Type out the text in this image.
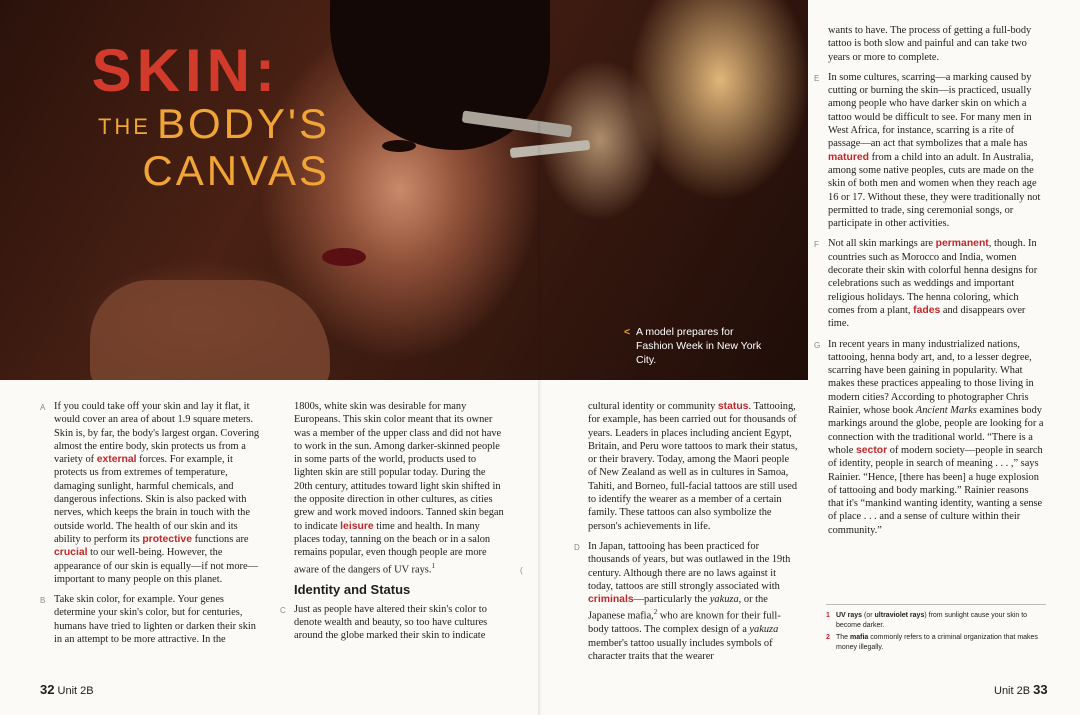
SKIN:
THE BODY'S
CANVAS
< A model prepares for Fashion Week in New York City.

A If you could take off your skin and lay it flat, it would cover an area of about 1.9 square meters. Skin is, by far, the body's largest organ. Covering almost the entire body, skin protects us from a variety of external forces. For example, it protects us from extremes of temperature, damaging sunlight, harmful chemicals, and dangerous infections. Skin is also packed with nerves, which keeps the brain in touch with the outside world. The health of our skin and its ability to perform its protective functions are crucial to our well-being. However, the appearance of our skin is equally—if not more—important to many people on this planet.

B Take skin color, for example. Your genes determine your skin's color, but for centuries, humans have tried to lighten or darken their skin in an attempt to be more attractive. In the

1800s, white skin was desirable for many Europeans. This skin color meant that its owner was a member of the upper class and did not have to work in the sun. Among darker-skinned people in some parts of the world, products used to lighten skin are still popular today. During the 20th century, attitudes toward light skin shifted in the opposite direction in other cultures, as cities grew and work moved indoors. Tanned skin began to indicate leisure time and health. In many places today, tanning on the beach or in a salon remains popular, even though people are more aware of the dangers of UV rays.$^1$

Identity and Status

C Just as people have altered their skin's color to denote wealth and beauty, so too have cultures around the globe marked their skin to indicate

(

cultural identity or community status. Tattooing, for example, has been carried out for thousands of years. Leaders in places including ancient Egypt, Britain, and Peru wore tattoos to mark their status, or their bravery. Today, among the Maori people of New Zealand as well as in cultures in Samoa, Tahiti, and Borneo, full-facial tattoos are still used to identify the wearer as a member of a certain family. These tattoos can also symbolize the person's achievements in life.

D In Japan, tattooing has been practiced for thousands of years, but was outlawed in the 19th century. Although there are no laws against it today, tattoos are still strongly associated with criminals—particularly the yakuza, or the Japanese mafia,$^2$ who are known for their full-body tattoos. The complex design of a yakuza member's tattoo usually includes symbols of character traits that the wearer

wants to have. The process of getting a full-body tattoo is both slow and painful and can take two years or more to complete.

E In some cultures, scarring—a marking caused by cutting or burning the skin—is practiced, usually among people who have darker skin on which a tattoo would be difficult to see. For many men in West Africa, for instance, scarring is a rite of passage—an act that symbolizes that a male has matured from a child into an adult. In Australia, among some native peoples, cuts are made on the skin of both men and women when they reach age 16 or 17. Without these, they were traditionally not permitted to trade, sing ceremonial songs, or participate in other activities.

F Not all skin markings are permanent, though. In countries such as Morocco and India, women decorate their skin with colorful henna designs for celebrations such as weddings and important religious holidays. The henna coloring, which comes from a plant, fades and disappears over time.

G In recent years in many industrialized nations, tattooing, henna body art, and, to a lesser degree, scarring have been gaining in popularity. What makes these practices appealing to those living in modern cities? According to photographer Chris Rainier, whose book Ancient Marks examines body markings around the globe, people are looking for a connection with the traditional world. “There is a whole sector of modern society—people in search of identity, people in search of meaning . . . ,” says Rainier. “Hence, [there has been] a huge explosion of tattooing and body marking.” Rainier reasons that it's “mankind wanting identity, wanting a sense of place . . . and a sense of culture within their community.”

1 UV rays (or ultraviolet rays) from sunlight cause your skin to become darker.
2 The mafia commonly refers to a criminal organization that makes money illegally.
32 Unit 2B	Unit 2B 33
